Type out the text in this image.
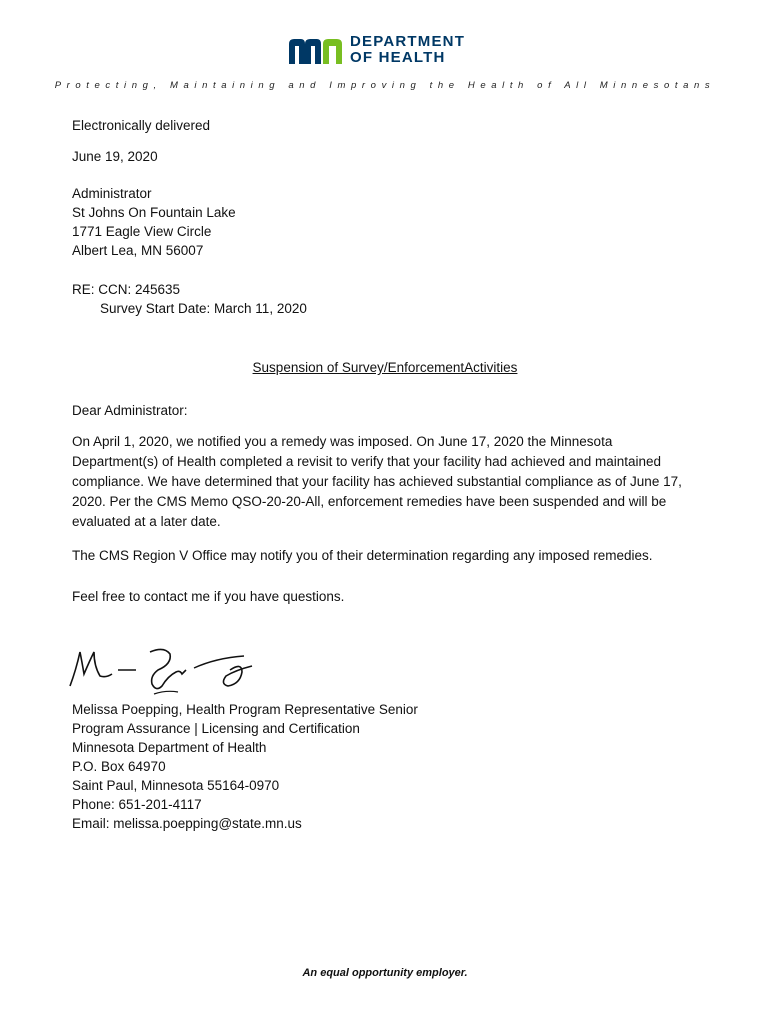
DEPARTMENT
OF HEALTH
Protecting, Maintaining and Improving the Health of All Minnesotans
Electronically delivered
June 19, 2020
Administrator
St Johns On Fountain Lake
1771 Eagle View Circle
Albert Lea, MN 56007
RE: CCN: 245635
Survey Start Date: March 11, 2020
Suspension of Survey/EnforcementActivities
Dear Administrator:
On April 1, 2020, we notified you a remedy was imposed. On June 17, 2020 the Minnesota Department(s) of Health completed a revisit to verify that your facility had achieved and maintained compliance. We have determined that your facility has achieved substantial compliance as of June 17, 2020. Per the CMS Memo QSO-20-20-All, enforcement remedies have been suspended and will be evaluated at a later date.
The CMS Region V Office may notify you of their determination regarding any imposed remedies.
Feel free to contact me if you have questions.
Melissa Poepping, Health Program Representative Senior
Program Assurance | Licensing and Certification
Minnesota Department of Health
P.O. Box 64970
Saint Paul, Minnesota 55164-0970
Phone: 651-201-4117
Email: melissa.poepping@state.mn.us
An equal opportunity employer.
